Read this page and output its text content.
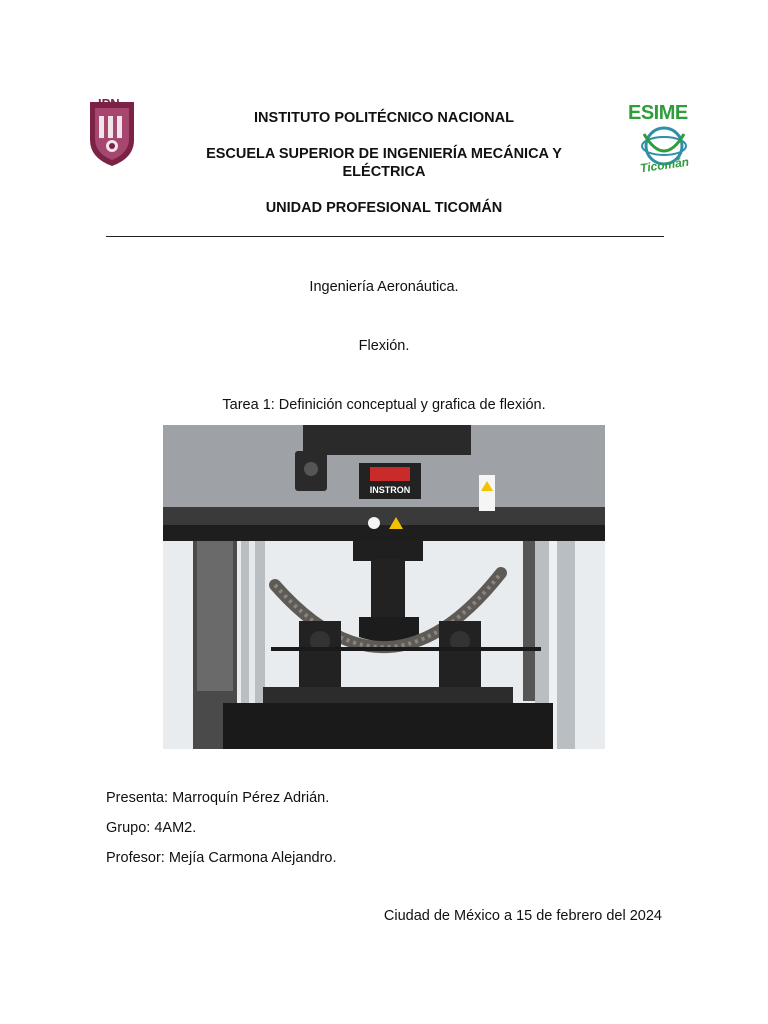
IPN	ESIME
Ticomán
INSTITUTO POLITÉCNICO NACIONAL
ESCUELA SUPERIOR DE INGENIERÍA MECÁNICA Y
ELÉCTRICA
UNIDAD PROFESIONAL TICOMÁN
Ingeniería Aeronáutica.
Flexión.
Tarea 1: Definición conceptual y grafica de flexión.
INSTRON
Presenta: Marroquín Pérez Adrián.
Grupo: 4AM2.
Profesor: Mejía Carmona Alejandro.
Ciudad de México a 15 de febrero del 2024
